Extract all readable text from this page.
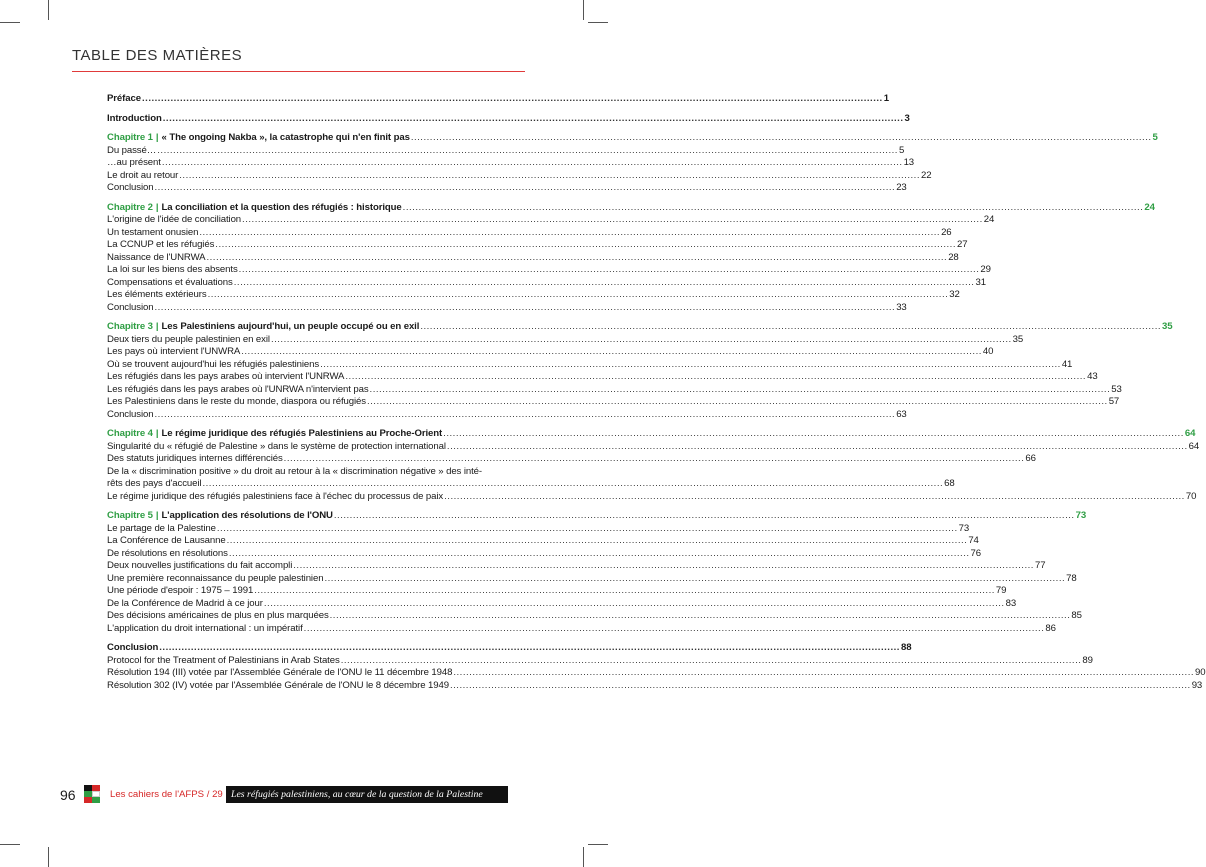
TABLE DES MATIÈRES
Préface .....	1
Introduction .....	3
Chapitre 1 | « The ongoing Nakba », la catastrophe qui n'en finit pas .....	5
Du passé… .....	5
…au présent .....	13
Le droit au retour .....	22
Conclusion .....	23
Chapitre 2 | La conciliation et la question des réfugiés : historique .....	24
L'origine de l'idée de conciliation .....	24
Un testament onusien .....	26
La CCNUP et les réfugiés .....	27
Naissance de l'UNRWA .....	28
La loi sur les biens des absents .....	29
Compensations et évaluations .....	31
Les éléments extérieurs .....	32
Conclusion .....	33
Chapitre 3 | Les Palestiniens aujourd'hui, un peuple occupé ou en exil .....	35
Deux tiers du peuple palestinien en exil .....	35
Les pays où intervient l'UNWRA .....	40
Où se trouvent aujourd'hui les réfugiés palestiniens .....	41
Les réfugiés dans les pays arabes où intervient l'UNRWA .....	43
Les réfugiés dans les pays arabes où l'UNRWA n'intervient pas .....	53
Les Palestiniens dans le reste du monde, diaspora ou réfugiés .....	57
Conclusion .....	63
Chapitre 4 | Le régime juridique des réfugiés Palestiniens au Proche-Orient .....	64
Singularité du « réfugié de Palestine » dans le système de protection international .....	64
Des statuts juridiques internes différenciés .....	66
De la « discrimination positive » du droit au retour à la « discrimination négative » des inté-
rêts des pays d'accueil .....	68
Le régime juridique des réfugiés palestiniens face à l'échec du processus de paix .....	70
Chapitre 5 | L'application des résolutions de l'ONU .....	73
Le partage de la Palestine .....	73
La Conférence de Lausanne .....	74
De résolutions en résolutions .....	76
Deux nouvelles justifications du fait accompli .....	77
Une première reconnaissance du peuple palestinien .....	78
Une période d'espoir : 1975 – 1991 .....	79
De la Conférence de Madrid à ce jour .....	83
Des décisions américaines de plus en plus marquées .....	85
L'application du droit international : un impératif .....	86
Conclusion .....	88
Protocol for the Treatment of Palestinians in Arab States .....	89
Résolution 194 (III) votée par l'Assemblée Générale de l'ONU le 11 décembre 1948 .....	90
Résolution 302 (IV) votée par l'Assemblée Générale de l'ONU le 8 décembre 1949 .....	93
96	Les cahiers de l'AFPS / 29 Les réfugiés palestiniens, au cœur de la question de la Palestine
